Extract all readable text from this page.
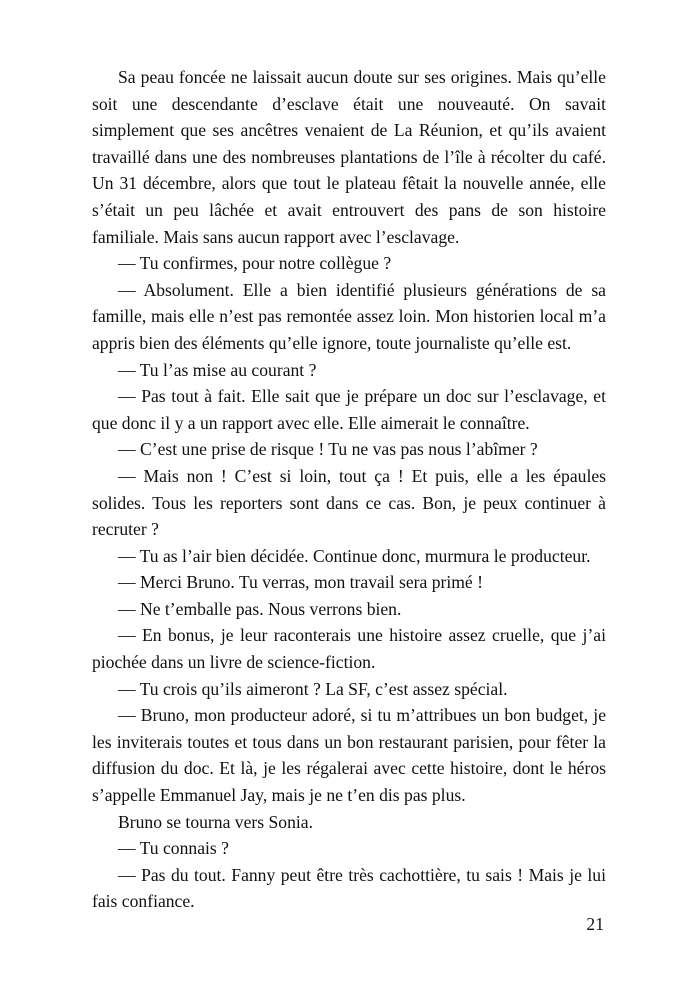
Sa peau foncée ne laissait aucun doute sur ses origines. Mais qu’elle soit une descendante d’esclave était une nouveauté. On savait simplement que ses ancêtres venaient de La Réunion, et qu’ils avaient travaillé dans une des nombreuses plantations de l’île à récolter du café. Un 31 décembre, alors que tout le plateau fêtait la nouvelle année, elle s’était un peu lâchée et avait entrouvert des pans de son histoire familiale. Mais sans aucun rapport avec l’esclavage.

— Tu confirmes, pour notre collègue ?

— Absolument. Elle a bien identifié plusieurs générations de sa famille, mais elle n’est pas remontée assez loin. Mon historien local m’a appris bien des éléments qu’elle ignore, toute journaliste qu’elle est.

— Tu l’as mise au courant ?

— Pas tout à fait. Elle sait que je prépare un doc sur l’esclavage, et que donc il y a un rapport avec elle. Elle aimerait le connaître.

— C’est une prise de risque ! Tu ne vas pas nous l’abîmer ?

— Mais non ! C’est si loin, tout ça ! Et puis, elle a les épaules solides. Tous les reporters sont dans ce cas. Bon, je peux continuer à recruter ?

— Tu as l’air bien décidée. Continue donc, murmura le producteur.

— Merci Bruno. Tu verras, mon travail sera primé !

— Ne t’emballe pas. Nous verrons bien.

— En bonus, je leur raconterais une histoire assez cruelle, que j’ai piochée dans un livre de science-fiction.

— Tu crois qu’ils aimeront ? La SF, c’est assez spécial.

— Bruno, mon producteur adoré, si tu m’attribues un bon budget, je les inviterais toutes et tous dans un bon restaurant parisien, pour fêter la diffusion du doc. Et là, je les régalerai avec cette histoire, dont le héros s’appelle Emmanuel Jay, mais je ne t’en dis pas plus.

Bruno se tourna vers Sonia.

— Tu connais ?

— Pas du tout. Fanny peut être très cachottière, tu sais ! Mais je lui fais confiance.

21
